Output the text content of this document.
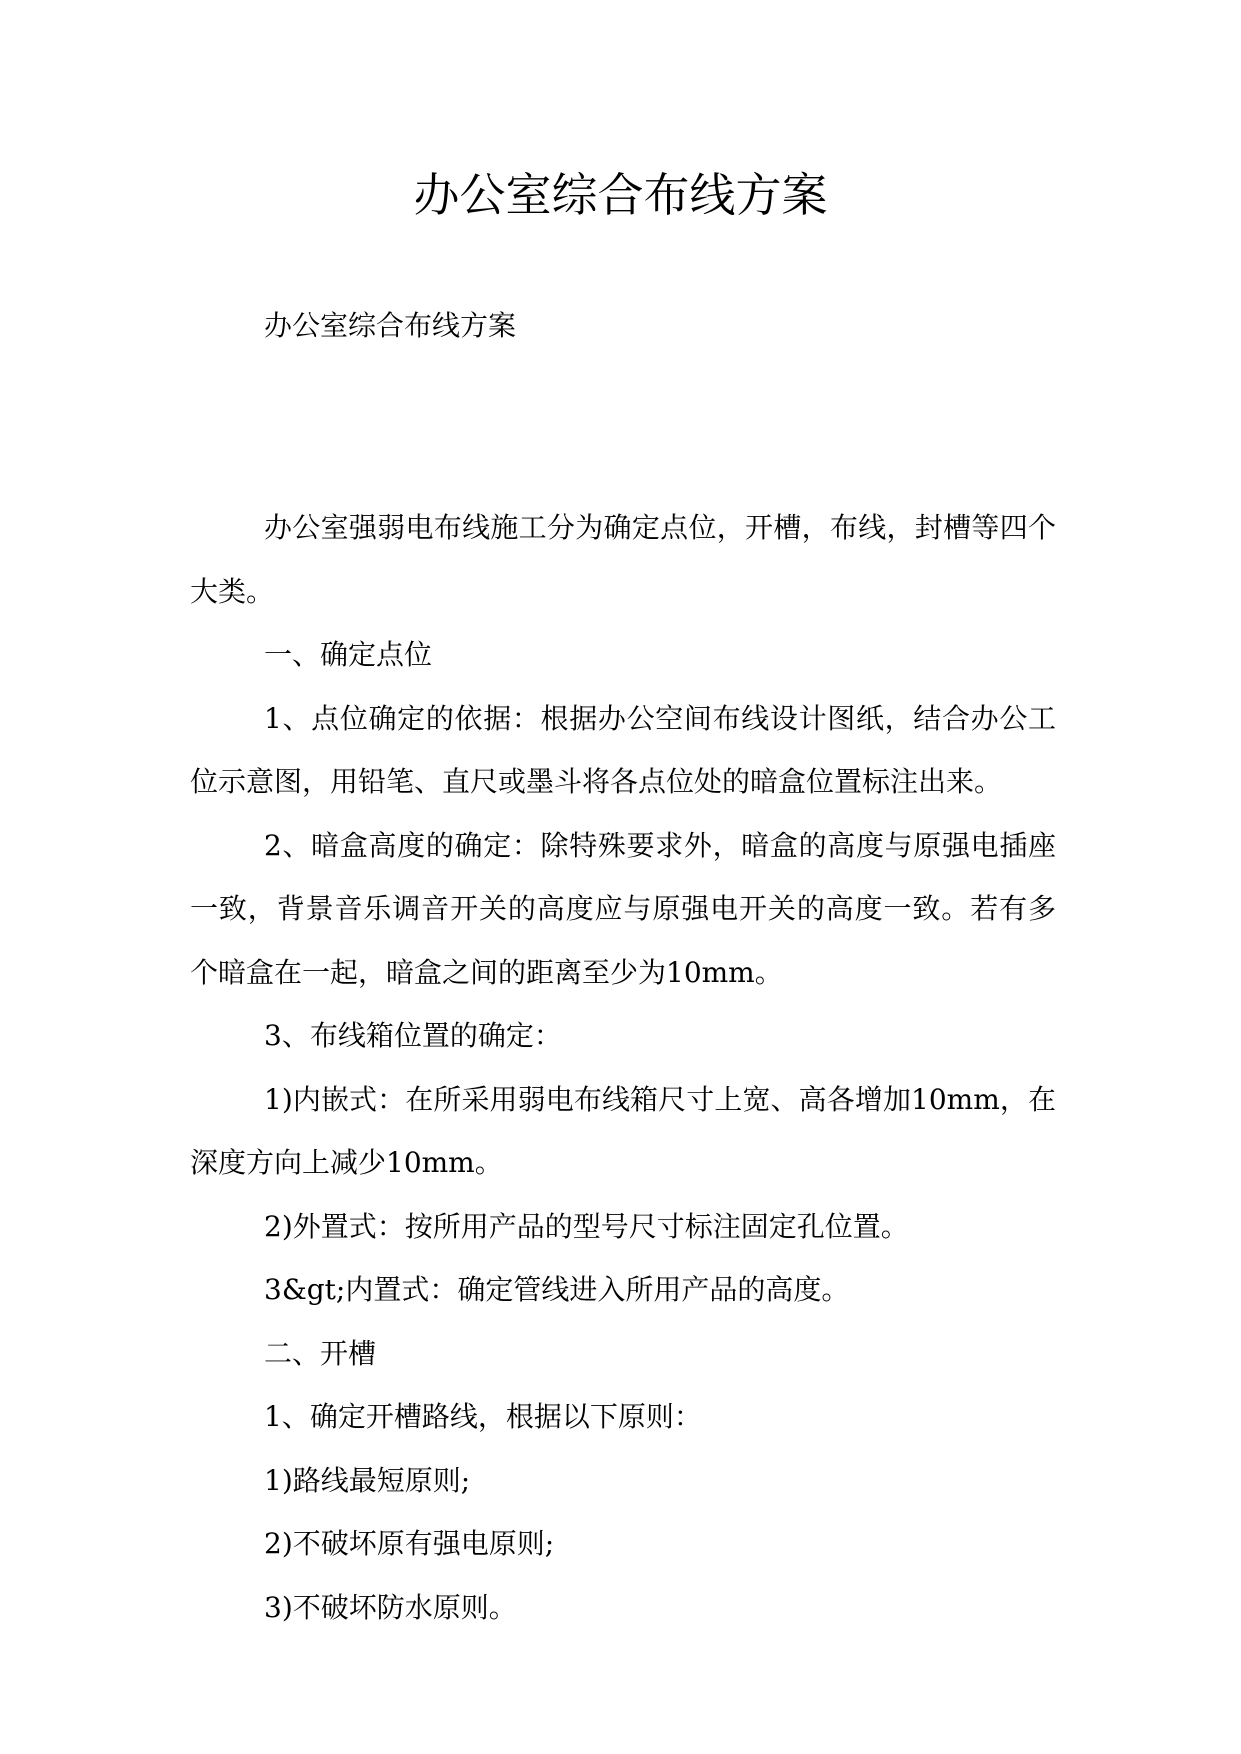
办公室综合布线方案

办公室综合布线方案

办公室强弱电布线施工分为确定点位，开槽，布线，封槽等四个大类。

一、确定点位

1、点位确定的依据：根据办公空间布线设计图纸，结合办公工位示意图，用铅笔、直尺或墨斗将各点位处的暗盒位置标注出来。

2、暗盒高度的确定：除特殊要求外，暗盒的高度与原强电插座一致，背景音乐调音开关的高度应与原强电开关的高度一致。若有多个暗盒在一起，暗盒之间的距离至少为10mm。

3、布线箱位置的确定：

1)内嵌式：在所采用弱电布线箱尺寸上宽、高各增加10mm，在深度方向上减少10mm。

2)外置式：按所用产品的型号尺寸标注固定孔位置。

3&gt;内置式：确定管线进入所用产品的高度。

二、开槽

1、确定开槽路线，根据以下原则：

1)路线最短原则;

2)不破坏原有强电原则;

3)不破坏防水原则。
